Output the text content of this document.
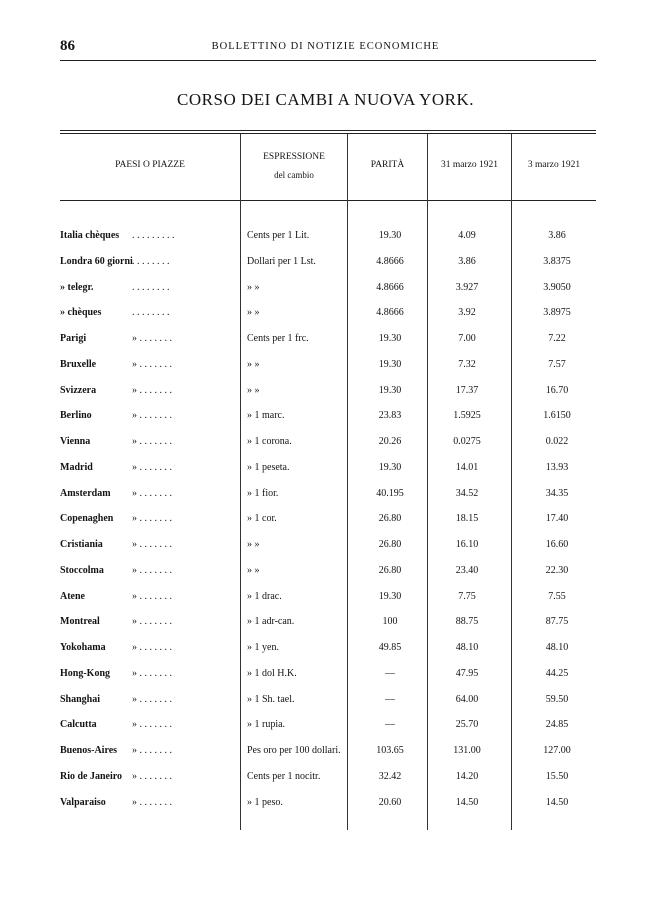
86	BOLLETTINO DI NOTIZIE ECONOMICHE
CORSO DEI CAMBI A NUOVA YORK.
PAESI O PIAZZE
ESPRESSIONE
del cambio
PARITÀ	31 marzo 1921	3 marzo 1921
Italia chèques . . . . . . . . .	Cents per 1 Lit.	19.30	4.09	3.86
Londra 60 giorni . . . . . . . .	Dollari per 1 Lst.	4.8666	3.86	3.8375
» telegr.	. . . . . . . .	» »	4.8666	3.927	3.9050
» chèques	. . . . . . . .	» »	4.8666	3.92	3.8975
Parigi	» . . . . . . .	Cents per 1 frc.	19.30	7.00	7.22
Bruxelle	» . . . . . . .	» »	19.30	7.32	7.57
Svizzera	» . . . . . . .	» »	19.30	17.37	16.70
Berlino	» . . . . . . .	» 1 marc.	23.83	1.5925	1.6150
Vienna	» . . . . . . .	» 1 corona.	20.26	0.0275	0.022
Madrid	» . . . . . . .	» 1 peseta.	19.30	14.01	13.93
Amsterdam » . . . . . . .	» 1 fior.	40.195	34.52	34.35
Copenaghen » . . . . . . .	» 1 cor.	26.80	18.15	17.40
Cristiania	» . . . . . . .	» »	26.80	16.10	16.60
Stoccolma	» . . . . . . .	» »	26.80	23.40	22.30
Atene	» . . . . . . .	» 1 drac.	19.30	7.75	7.55
Montreal	» . . . . . . .	» 1 adr-can.	100	88.75	87.75
Yokohama	» . . . . . . .	» 1 yen.	49.85	48.10	48.10
Hong-Kong » . . . . . . .	» 1 dol H.K.	—	47.95	44.25
Shanghai	» . . . . . . .	» 1 Sh. tael.	—	64.00	59.50
Calcutta	» . . . . . . .	» 1 rupia.	—	25.70	24.85
Buenos-Aires » . . . . . . .	Pes oro per 100 dollari.	103.65	131.00	127.00
Rio de Janeiro » . . . . . . .	Cents per 1 nocitr.	32.42	14.20	15.50
Valparaiso	» . . . . . . .	» 1 peso.	20.60	14.50	14.50
